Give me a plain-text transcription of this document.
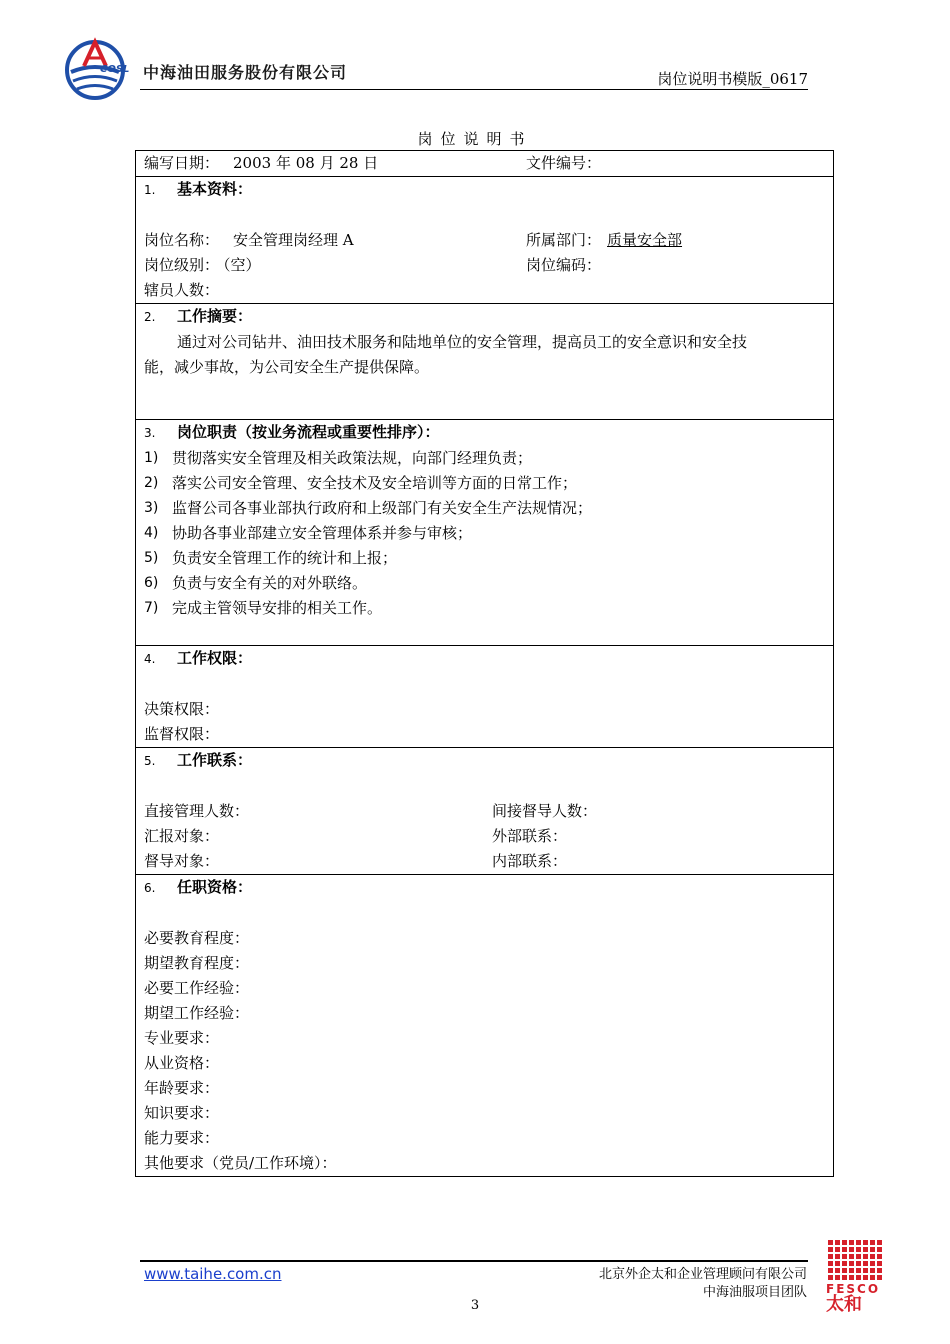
COSL 中海油田服务股份有限公司	岗位说明书模版_0617
岗位说明书
编写日期： 2003 年 08 月 28 日	文件编号：

1. 基本资料：
岗位名称： 安全管理岗经理 A	所属部门： 质量安全部
岗位级别： （空）	岗位编码：
辖员人数：

2. 工作摘要：
通过对公司钻井、油田技术服务和陆地单位的安全管理，提高员工的安全意识和安全技
能，减少事故，为公司安全生产提供保障。

3. 岗位职责（按业务流程或重要性排序）：
1) 贯彻落实安全管理及相关政策法规，向部门经理负责；
2) 落实公司安全管理、安全技术及安全培训等方面的日常工作；
3) 监督公司各事业部执行政府和上级部门有关安全生产法规情况；
4) 协助各事业部建立安全管理体系并参与审核；
5) 负责安全管理工作的统计和上报；
6) 负责与安全有关的对外联络。
7) 完成主管领导安排的相关工作。

4. 工作权限：
决策权限：
监督权限：

5. 工作联系：
直接管理人数：	间接督导人数：
汇报对象：	外部联系：
督导对象：	内部联系：

6. 任职资格：
必要教育程度：
期望教育程度：
必要工作经验：
期望工作经验：
专业要求：
从业资格：
年龄要求：
知识要求：
能力要求：
其他要求（党员/工作环境）：
www.taihe.com.cn	北京外企太和企业管理顾问有限公司
中海油服项目团队
3
FESCO
太和
